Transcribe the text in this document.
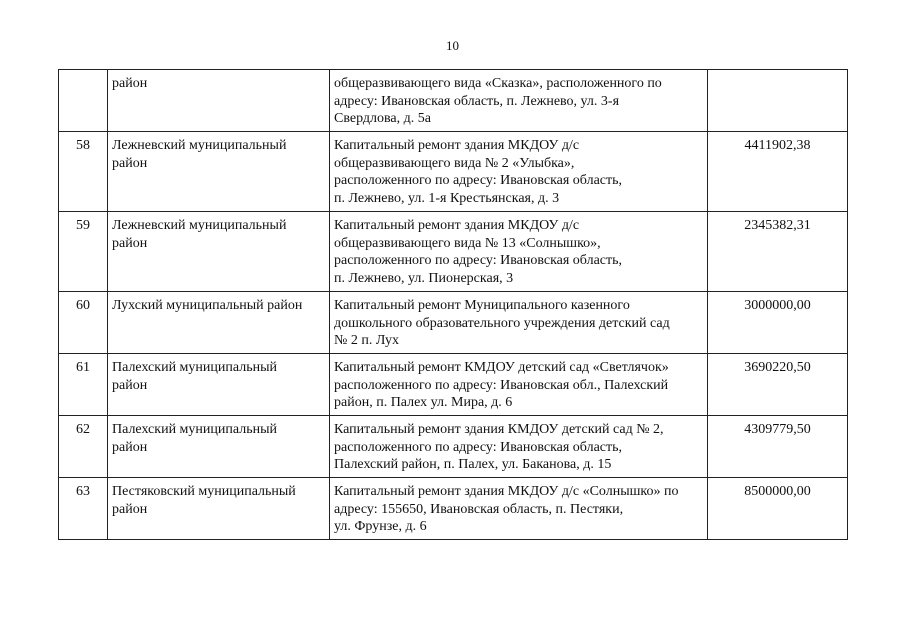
10
	район	общеразвивающего вида «Сказка», расположенного по
адресу: Ивановская область, п. Лежнево, ул. 3-я
Свердлова, д. 5а	
58	Лежневский муниципальный
район	Капитальный ремонт здания МКДОУ д/с
общеразвивающего вида № 2 «Улыбка»,
расположенного по адресу: Ивановская область,
п. Лежнево, ул. 1-я Крестьянская, д. 3	4411902,38
59	Лежневский муниципальный
район	Капитальный ремонт здания МКДОУ д/с
общеразвивающего вида № 13 «Солнышко»,
расположенного по адресу: Ивановская область,
п. Лежнево, ул. Пионерская, 3	2345382,31
60	Лухский муниципальный район	Капитальный ремонт Муниципального казенного
дошкольного образовательного учреждения детский сад
№ 2 п. Лух	3000000,00
61	Палехский муниципальный
район	Капитальный ремонт КМДОУ детский сад «Светлячок»
расположенного по адресу: Ивановская обл., Палехский
район, п. Палех ул. Мира, д. 6	3690220,50
62	Палехский муниципальный
район	Капитальный ремонт здания КМДОУ детский сад № 2,
расположенного по адресу: Ивановская область,
Палехский район, п. Палех, ул. Баканова, д. 15	4309779,50
63	Пестяковский муниципальный
район	Капитальный ремонт здания МКДОУ д/с «Солнышко» по
адресу: 155650, Ивановская область, п. Пестяки,
ул. Фрунзе, д. 6	8500000,00
